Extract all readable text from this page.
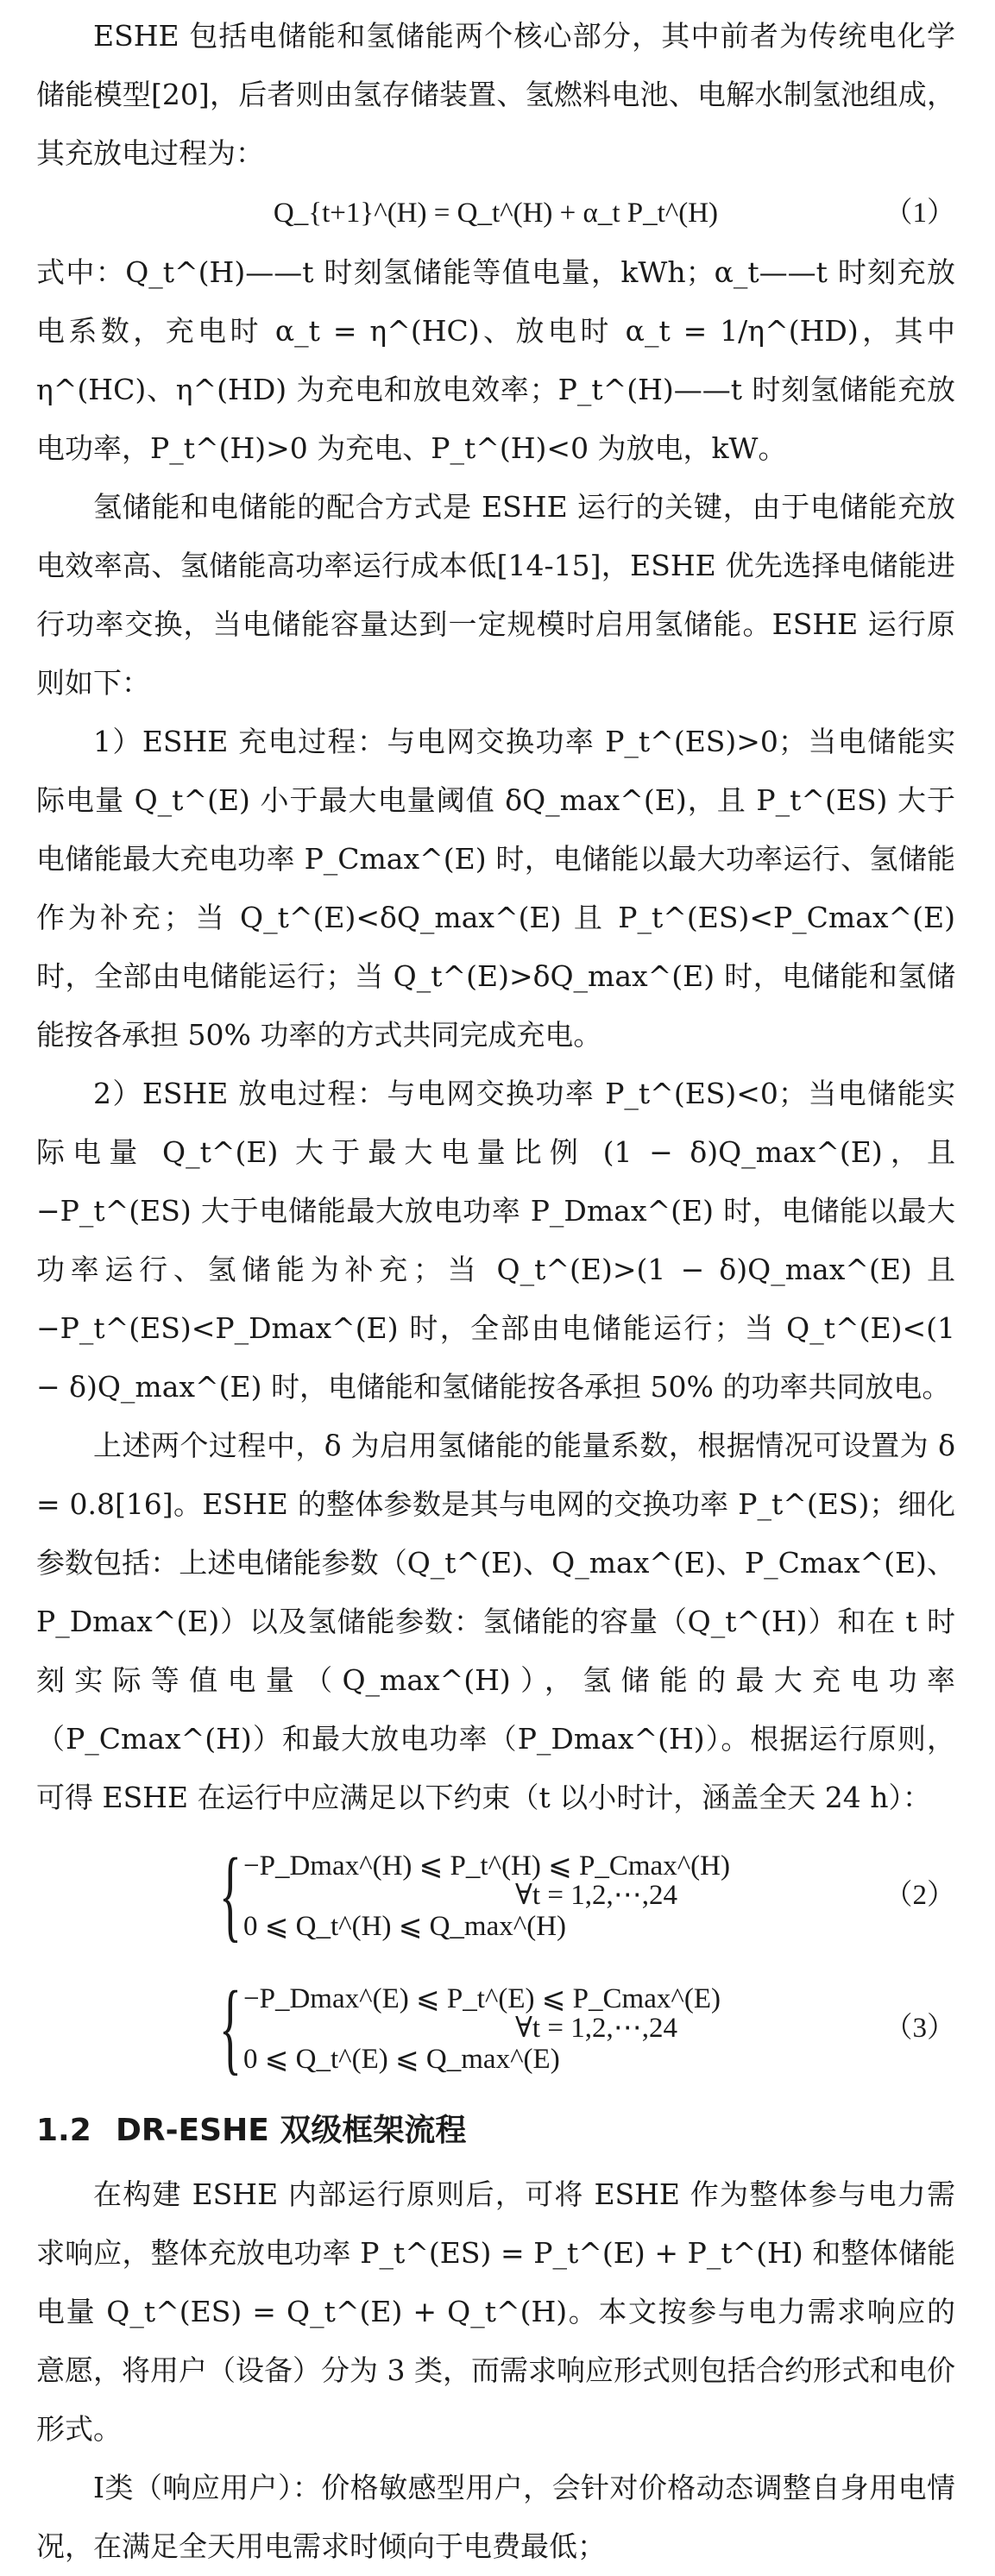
ESHE 包括电储能和氢储能两个核心部分，其中前者为传统电化学储能模型[20]，后者则由氢存储装置、氢燃料电池、电解水制氢池组成，其充放电过程为：

Q_{t+1}^(H) = Q_t^(H) + α_t P_t^(H)	（1）

式中：Q_t^(H)——t 时刻氢储能等值电量，kWh；α_t——t 时刻充放电系数，充电时 α_t = η^(HC)、放电时 α_t = 1/η^(HD)，其中 η^(HC)、η^(HD) 为充电和放电效率；P_t^(H)——t 时刻氢储能充放电功率，P_t^(H)>0 为充电、P_t^(H)<0 为放电，kW。

氢储能和电储能的配合方式是 ESHE 运行的关键，由于电储能充放电效率高、氢储能高功率运行成本低[14-15]，ESHE 优先选择电储能进行功率交换，当电储能容量达到一定规模时启用氢储能。ESHE 运行原则如下：

1）ESHE 充电过程：与电网交换功率 P_t^(ES)>0；当电储能实际电量 Q_t^(E) 小于最大电量阈值 δQ_max^(E)，且 P_t^(ES) 大于电储能最大充电功率 P_Cmax^(E) 时，电储能以最大功率运行、氢储能作为补充；当 Q_t^(E)<δQ_max^(E) 且 P_t^(ES)<P_Cmax^(E) 时，全部由电储能运行；当 Q_t^(E)>δQ_max^(E) 时，电储能和氢储能按各承担 50% 功率的方式共同完成充电。

2）ESHE 放电过程：与电网交换功率 P_t^(ES)<0；当电储能实际电量 Q_t^(E) 大于最大电量比例 (1 − δ)Q_max^(E)，且−P_t^(ES) 大于电储能最大放电功率 P_Dmax^(E) 时，电储能以最大功率运行、氢储能为补充；当 Q_t^(E)>(1 − δ)Q_max^(E) 且−P_t^(ES)<P_Dmax^(E) 时，全部由电储能运行；当 Q_t^(E)<(1 − δ)Q_max^(E) 时，电储能和氢储能按各承担 50% 的功率共同放电。

上述两个过程中，δ 为启用氢储能的能量系数，根据情况可设置为 δ = 0.8[16]。ESHE 的整体参数是其与电网的交换功率 P_t^(ES)；细化参数包括：上述电储能参数（Q_t^(E)、Q_max^(E)、P_Cmax^(E)、P_Dmax^(E)）以及氢储能参数：氢储能的容量（Q_t^(H)）和在 t 时刻实际等值电量（Q_max^(H)），氢储能的最大充电功率（P_Cmax^(H)）和最大放电功率（P_Dmax^(H)）。根据运行原则，可得 ESHE 在运行中应满足以下约束（t 以小时计，涵盖全天 24 h）：

{ −P_Dmax^(H) ⩽ P_t^(H) ⩽ P_Cmax^(H)
0 ⩽ Q_t^(H) ⩽ Q_max^(H)
∀t = 1,2,⋯,24	（2）
{ −P_Dmax^(E) ⩽ P_t^(E) ⩽ P_Cmax^(E)
0 ⩽ Q_t^(E) ⩽ Q_max^(E)
∀t = 1,2,⋯,24	（3）
1.2 DR-ESHE 双级框架流程

在构建 ESHE 内部运行原则后，可将 ESHE 作为整体参与电力需求响应，整体充放电功率 P_t^(ES) = P_t^(E) + P_t^(H) 和整体储能电量 Q_t^(ES) = Q_t^(E) + Q_t^(H)。本文按参与电力需求响应的意愿，将用户（设备）分为 3 类，而需求响应形式则包括合约形式和电价形式。

Ⅰ类（响应用户）：价格敏感型用户，会针对价格动态调整自身用电情况，在满足全天用电需求时倾向于电费最低；
